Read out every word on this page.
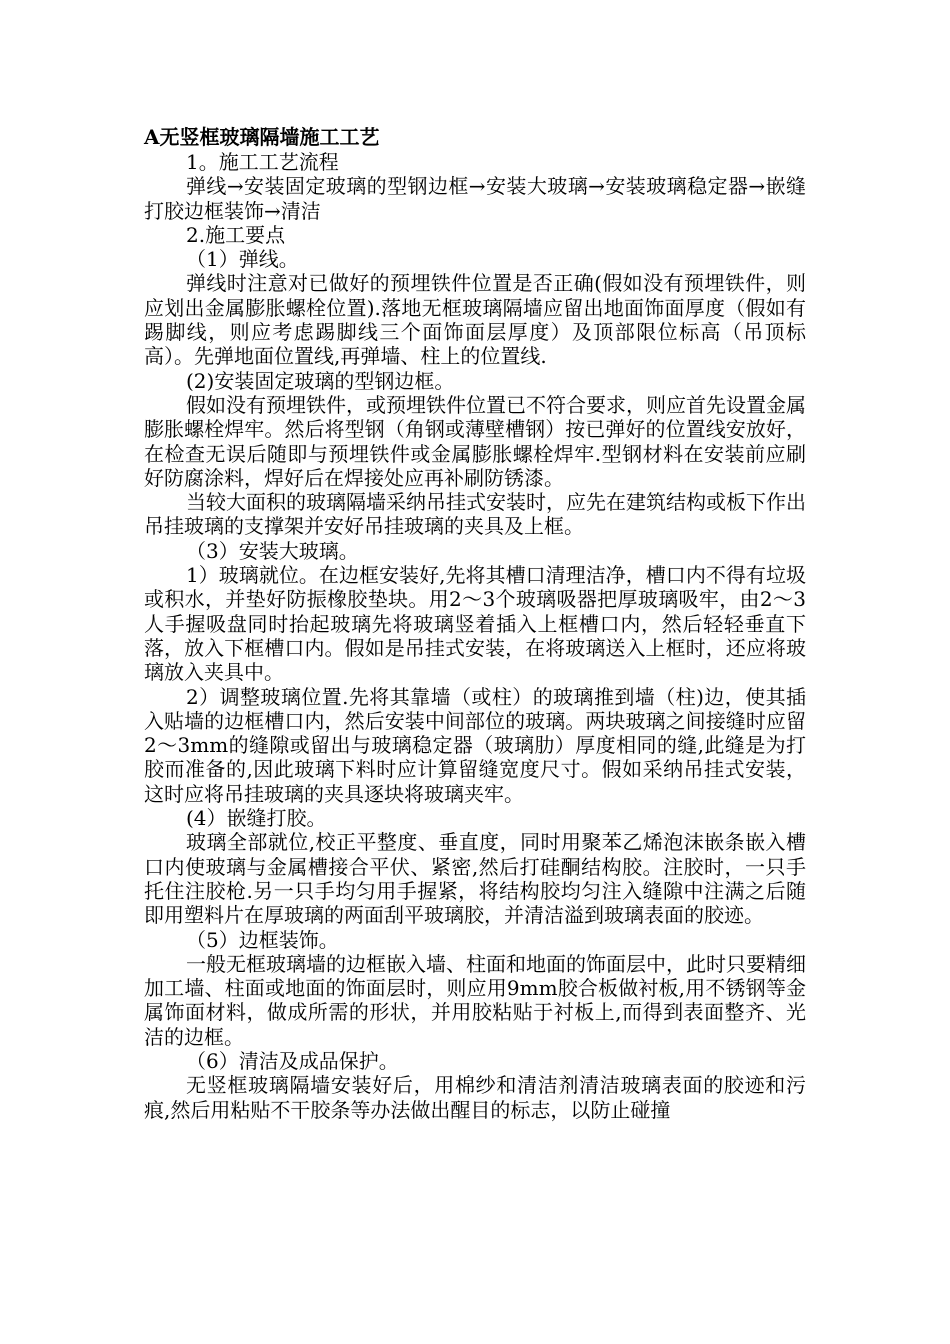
A无竖框玻璃隔墙施工工艺

1。施工工艺流程

弹线→安装固定玻璃的型钢边框→安装大玻璃→安装玻璃稳定器→嵌缝打胶边框装饰→清洁

2.施工要点

（1）弹线。

弹线时注意对已做好的预埋铁件位置是否正确(假如没有预埋铁件，则应划出金属膨胀螺栓位置).落地无框玻璃隔墙应留出地面饰面厚度（假如有踢脚线，则应考虑踢脚线三个面饰面层厚度）及顶部限位标高（吊顶标高）。先弹地面位置线,再弹墙、柱上的位置线.

(2)安装固定玻璃的型钢边框。

假如没有预埋铁件，或预埋铁件位置已不符合要求，则应首先设置金属膨胀螺栓焊牢。然后将型钢（角钢或薄壁槽钢）按已弹好的位置线安放好，在检查无误后随即与预埋铁件或金属膨胀螺栓焊牢.型钢材料在安装前应刷好防腐涂料，焊好后在焊接处应再补刷防锈漆。

当较大面积的玻璃隔墙采纳吊挂式安装时，应先在建筑结构或板下作出吊挂玻璃的支撑架并安好吊挂玻璃的夹具及上框。

（3）安装大玻璃。

1）玻璃就位。在边框安装好,先将其槽口清理洁净，槽口内不得有垃圾或积水，并垫好防振橡胶垫块。用2～3个玻璃吸器把厚玻璃吸牢，由2～3人手握吸盘同时抬起玻璃先将玻璃竖着插入上框槽口内，然后轻轻垂直下落，放入下框槽口内。假如是吊挂式安装，在将玻璃送入上框时，还应将玻璃放入夹具中。

2）调整玻璃位置.先将其靠墙（或柱）的玻璃推到墙（柱)边，使其插入贴墙的边框槽口内，然后安装中间部位的玻璃。两块玻璃之间接缝时应留2～3mm的缝隙或留出与玻璃稳定器（玻璃肋）厚度相同的缝,此缝是为打胶而准备的,因此玻璃下料时应计算留缝宽度尺寸。假如采纳吊挂式安装，这时应将吊挂玻璃的夹具逐块将玻璃夹牢。

(4）嵌缝打胶。

玻璃全部就位,校正平整度、垂直度，同时用聚苯乙烯泡沫嵌条嵌入槽口内使玻璃与金属槽接合平伏、紧密,然后打硅酮结构胶。注胶时，一只手托住注胶枪.另一只手均匀用手握紧，将结构胶均匀注入缝隙中注满之后随即用塑料片在厚玻璃的两面刮平玻璃胶，并清洁溢到玻璃表面的胶迹。

（5）边框装饰。

一般无框玻璃墙的边框嵌入墙、柱面和地面的饰面层中，此时只要精细加工墙、柱面或地面的饰面层时，则应用9mm胶合板做衬板,用不锈钢等金属饰面材料，做成所需的形状，并用胶粘贴于衬板上,而得到表面整齐、光洁的边框。

（6）清洁及成品保护。

无竖框玻璃隔墙安装好后，用棉纱和清洁剂清洁玻璃表面的胶迹和污痕,然后用粘贴不干胶条等办法做出醒目的标志，以防止碰撞
